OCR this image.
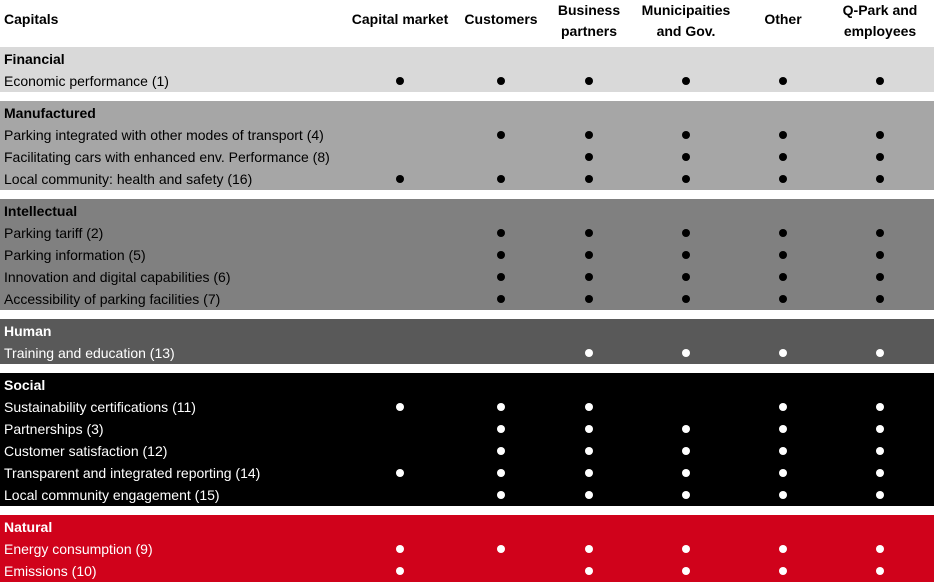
Capitals	Capital market	Customers
Business
partners
Municipaities
and Gov.
Other
Q-Park and
employees
Financial
Economic performance (1)
Manufactured
Parking integrated with other modes of transport (4)
Facilitating cars with enhanced env. Performance (8)
Local community: health and safety (16)
Intellectual
Parking tariff (2)
Parking information (5)
Innovation and digital capabilities (6)
Accessibility of parking facilities (7)
Human
Training and education (13)
Social
Sustainability certifications (11)
Partnerships (3)
Customer satisfaction (12)
Transparent and integrated reporting (14)
Local community engagement (15)
Natural
Energy consumption (9)
Emissions (10)
